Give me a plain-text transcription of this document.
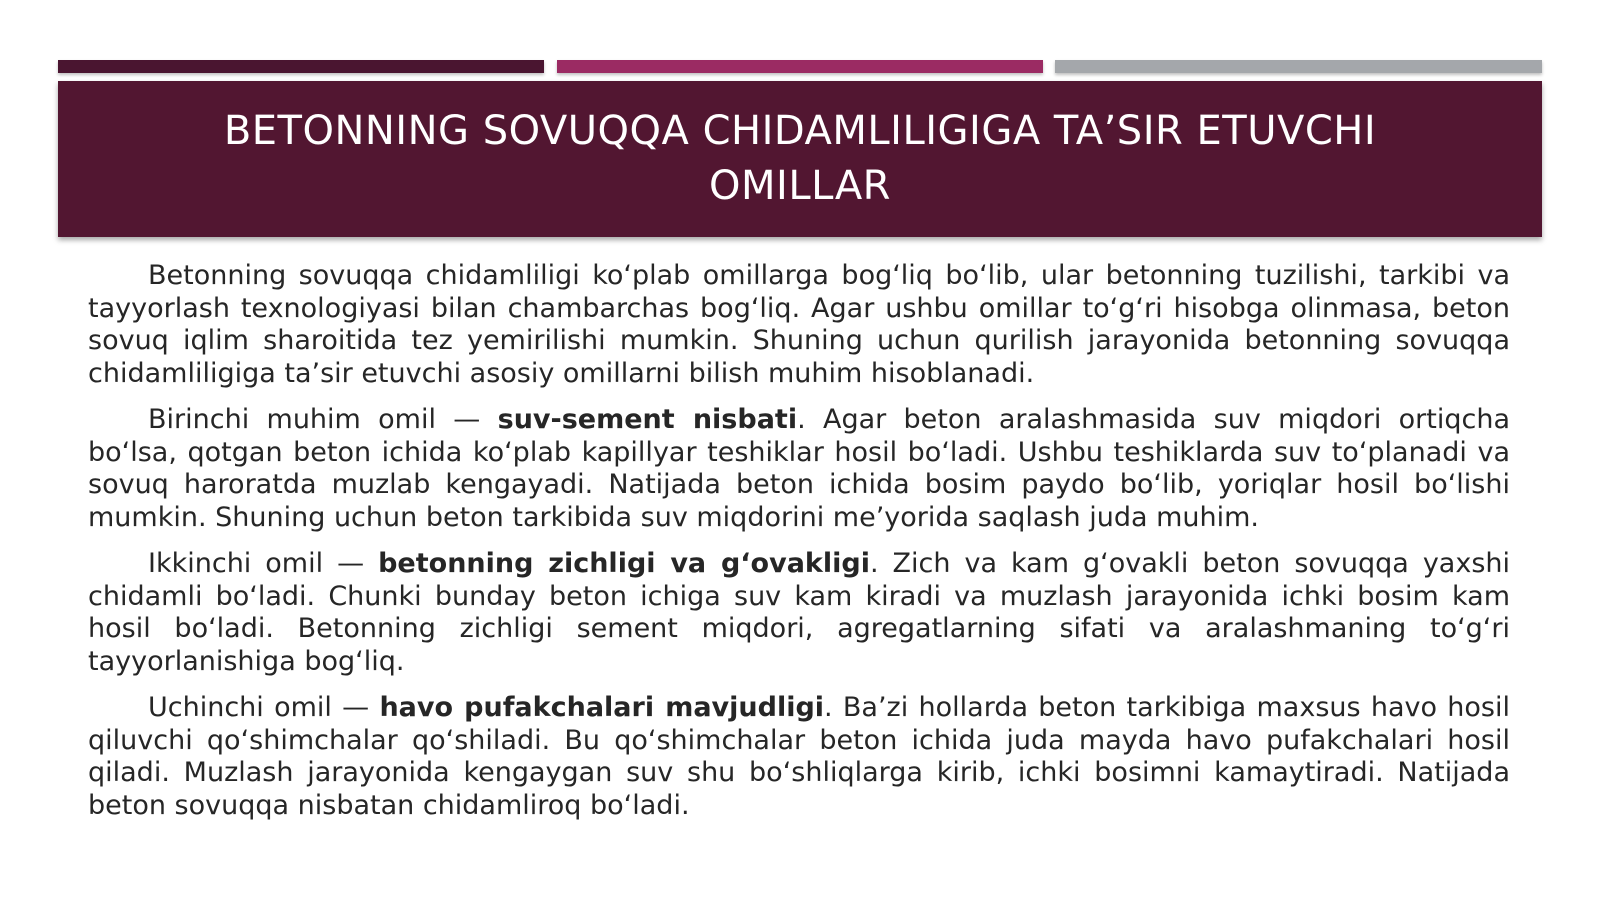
BETONNING SOVUQQA CHIDAMLILIGIGA TA’SIR ETUVCHI OMILLAR

Betonning sovuqqa chidamliligi ko‘plab omillarga bog‘liq bo‘lib, ular betonning tuzilishi, tarkibi va tayyorlash texnologiyasi bilan chambarchas bog‘liq. Agar ushbu omillar to‘g‘ri hisobga olinmasa, beton sovuq iqlim sharoitida tez yemirilishi mumkin. Shuning uchun qurilish jarayonida betonning sovuqqa chidamliligiga ta’sir etuvchi asosiy omillarni bilish muhim hisoblanadi.

Birinchi muhim omil — suv-sement nisbati. Agar beton aralashmasida suv miqdori ortiqcha bo‘lsa, qotgan beton ichida ko‘plab kapillyar teshiklar hosil bo‘ladi. Ushbu teshiklarda suv to‘planadi va sovuq haroratda muzlab kengayadi. Natijada beton ichida bosim paydo bo‘lib, yoriqlar hosil bo‘lishi mumkin. Shuning uchun beton tarkibida suv miqdorini me’yorida saqlash juda muhim.

Ikkinchi omil — betonning zichligi va g‘ovakligi. Zich va kam g‘ovakli beton sovuqqa yaxshi chidamli bo‘ladi. Chunki bunday beton ichiga suv kam kiradi va muzlash jarayonida ichki bosim kam hosil bo‘ladi. Betonning zichligi sement miqdori, agregatlarning sifati va aralashmaning to‘g‘ri tayyorlanishiga bog‘liq.

Uchinchi omil — havo pufakchalari mavjudligi. Ba’zi hollarda beton tarkibiga maxsus havo hosil qiluvchi qo‘shimchalar qo‘shiladi. Bu qo‘shimchalar beton ichida juda mayda havo pufakchalari hosil qiladi. Muzlash jarayonida kengaygan suv shu bo‘shliqlarga kirib, ichki bosimni kamaytiradi. Natijada beton sovuqqa nisbatan chidamliroq bo‘ladi.
